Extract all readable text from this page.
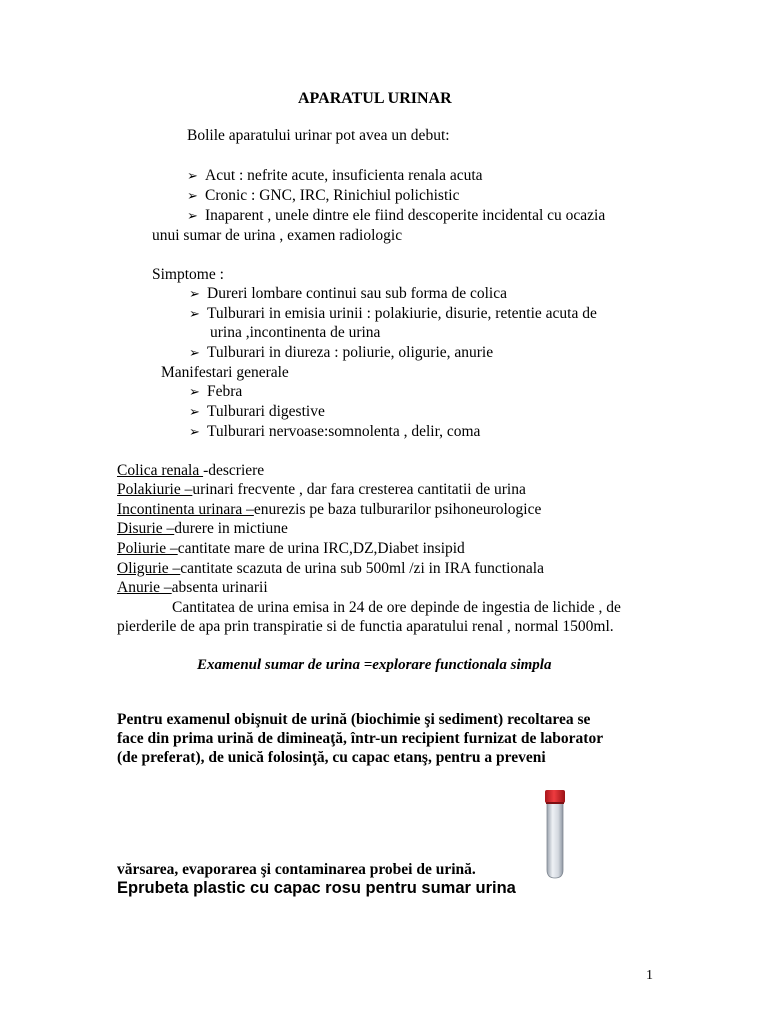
APARATUL URINAR
Bolile aparatului urinar pot avea un debut:
➢ Acut : nefrite acute, insuficienta renala acuta
➢ Cronic : GNC, IRC, Rinichiul polichistic
➢ Inaparent , unele dintre ele fiind descoperite incidental cu ocazia
unui sumar de urina , examen radiologic
Simptome :
➢ Dureri lombare continui sau sub forma de colica
➢ Tulburari in emisia urinii : polakiurie, disurie, retentie acuta de
urina ,incontinenta de urina
➢ Tulburari in diureza : poliurie, oligurie, anurie
Manifestari generale
➢ Febra
➢ Tulburari digestive
➢ Tulburari nervoase:somnolenta , delir, coma
Colica renala -descriere
Polakiurie –urinari frecvente , dar fara cresterea cantitatii de urina
Incontinenta urinara –enurezis pe baza tulburarilor psihoneurologice
Disurie –durere in mictiune
Poliurie –cantitate mare de urina IRC,DZ,Diabet insipid
Oligurie –cantitate scazuta de urina sub 500ml /zi in IRA functionala
Anurie –absenta urinarii
Cantitatea de urina emisa in 24 de ore depinde de ingestia de lichide , de
pierderile de apa prin transpiratie si de functia aparatului renal , normal 1500ml.
Examenul sumar de urina =explorare functionala simpla
Pentru examenul obişnuit de urină (biochimie şi sediment) recoltarea se
face din prima urină de dimineaţă, într-un recipient furnizat de laborator
(de preferat), de unică folosinţă, cu capac etanş, pentru a preveni
vărsarea, evaporarea şi contaminarea probei de urină.
Eprubeta plastic cu capac rosu pentru sumar urina
1
